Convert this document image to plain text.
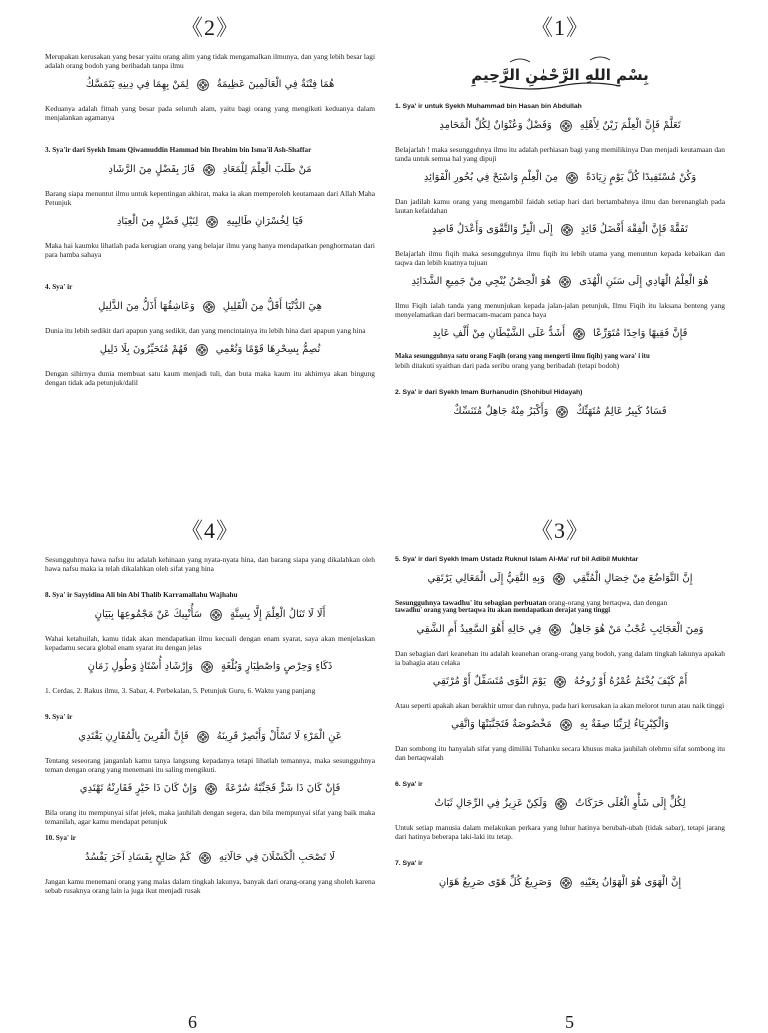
《2》

Merupakan kerusakan yang besar yaitu orang alim yang tidak mengamalkan ilmunya, dan yang lebih besar lagi adalah orang bodoh yang beribadah tanpa ilmu

هُمَا فِتْنَةٌ فِي الْعَالَمِينَ عَظِيمَةٌ
لِمَنْ بِهِمَا فِي دِينِهِ يَتَمَسَّكُ

Keduanya adalah fitnah yang besar pada seluruh alam, yaitu bagi orang yang mengikuti keduanya dalam menjalankan agamanya

3. Sya'ir dari Syekh Imam Qiwamuddin Hammad bin Ibrahim bin Isma'il Ash-Shaffar
مَنْ طَلَبَ الْعِلْمَ لِلْمَعَادِ
فَازَ بِفَضْلٍ مِنَ الرَّشَادِ

Barang siapa menuntut ilmu untuk kepentingan akhirat, maka ia akan memperoleh keutamaan dari Allah Maha Petunjuk

فَيَا لِخُسْرَانِ طَالِبِيهِ
لِنَيْلِ فَضْلٍ مِنَ الْعِبَادِ

Maka hai kaumku lihatlah pada kerugian orang yang belajar ilmu yang hanya mendapatkan penghormatan dari para hamba sahaya

4. Sya' ir
هِيَ الدُّنْيَا أَقَلُّ مِنَ الْقَلِيلِ
وَعَاشِقُهَا أَذَلُّ مِنَ الذَّلِيلِ

Dunia itu lebih sedikit dari apapun yang sedikit, dan yang mencintainya itu lebih hina dari apapun yang hina

تُصِمُّ بِسِحْرِهَا قَوْمًا وَتُعْمِي
فَهُمْ مُتَحَيِّرُونَ بِلَا دَلِيلِ

Dengan sihirnya dunia membuat satu kaum menjadi tuli, dan buta maka kaum itu akhirnya akan bingung dengan tidak ada petunjuk/dalil

《1》
بِسْمِ اللهِ الرَّحْمٰنِ الرَّحِيمِ
1. Sya' ir untuk Syekh Muhammad bin Hasan bin Abdullah
تَعَلَّمْ فَإِنَّ الْعِلْمَ زَيْنٌ لِأَهْلِهِ
وَفَضْلٌ وَعُنْوَانٌ لِكُلِّ الْمَحَامِدِ

Belajarlah ! maka sesungguhnya ilmu itu adalah perhiasan bagi yang memilikinya Dan menjadi keutamaan dan tanda untuk semua hal yang dipuji

وَكُنْ مُسْتَفِيدًا كُلَّ يَوْمٍ زِيَادَةً
مِنَ الْعِلْمِ وَاسْبَحْ فِي بُحُورِ الْفَوَائِدِ

Dan jadilah kamu orang yang mengambil faidah setiap hari dari bertambahnya ilmu dan berenanglah pada lautan kefaidahan

تَفَقَّهْ فَإِنَّ الْفِقْهَ أَفْضَلُ قَائِدٍ
إِلَى الْبِرِّ وَالتَّقْوَى وَأَعْدَلُ قَاصِدٍ

Belajarlah ilmu fiqih maka sesungguhnya ilmu fiqih itu lebih utama yang menuntun kepada kebaikan dan taqwa dan lebih kuatnya tujuan

هُوَ الْعِلْمُ الْهَادِي إِلَى سَنَنِ الْهُدَى
هُوَ الْحِصْنُ يُنْجِي مِنْ جَمِيعِ الشَّدَائِدِ

Ilmu Fiqih ialah tanda yang menunjukan kepada jalan-jalan petunjuk, Ilmu Fiqih itu laksana benteng yang menyelamatkan dari bermacam-macam panca baya

فَإِنَّ فَقِيهًا وَاحِدًا مُتَوَرِّعًا
أَشَدُّ عَلَى الشَّيْطَانِ مِنْ أَلْفِ عَابِدِ
Maka sesungguhnya satu orang Faqih (orang yang mengerti ilmu fiqih) yang wara' i itu

lebih ditakuti syaithan dari pada seribu orang yang beribadah (tetapi bodoh)

2. Sya' ir dari Syekh Imam Burhanudin (Shohibul Hidayah)
فَسَادٌ كَبِيرٌ عَالِمٌ مُتَهَتِّكٌ
وَأَكْبَرُ مِنْهُ جَاهِلٌ مُتَنَسِّكٌ
《4》

Sesungguhnya hawa nafsu itu adalah kehinaan yang nyata-nyata hina, dan barang siapa yang dikalahkan oleh hawa nafsu maka ia telah dikalahkan oleh sifat yang hina

8. Sya' ir Sayyidina Ali bin Abi Thalib Karramallahu Wajhahu
أَلَا لَا تَنَالُ الْعِلْمَ إِلَّا بِسِتَّةٍ
سَأُنْبِيكَ عَنْ مَجْمُوعِهَا بِبَيَانٍ

Wahai ketahuilah, kamu tidak akan mendapatkan ilmu kecuali dengan enam syarat, saya akan menjelaskan kepadamu secara global enam syarat itu dengan jelas

ذَكَاءٍ وَحِرْصٍ وَاصْطِبَارٍ وَبُلْغَةٍ
وَإِرْشَادِ أُسْتَاذٍ وَطُولِ زَمَانٍ

1. Cerdas, 2. Rakus ilmu, 3. Sabar, 4. Perbekalan, 5. Petunjuk Guru, 6. Waktu yang panjang

9. Sya' ir
عَنِ الْمَرْءِ لَا تَسْأَلْ وَأَبْصِرْ قَرِينَهُ
فَإِنَّ الْقَرِينَ بِالْمُقَارِنِ يَقْتَدِي

Tentang seseorang janganlah kamu tanya langsung kepadanya tetapi lihatlah temannya, maka sesungguhnya teman dengan orang yang menemani itu saling mengikuti.

فَإِنْ كَانَ ذَا شَرٍّ فَجَنِّبْهُ سُرْعَةً
وَإِنْ كَانَ ذَا خَيْرٍ فَقَارِنْهُ تَهْتَدِي

Bila orang itu mempunyai sifat jelek, maka jauhilah dengan segera, dan bila mempunyai sifat yang baik maka temanilah, agar kamu mendapat petunjuk

10. Sya' ir
لَا تَصْحَبِ الْكَسْلَانَ فِي حَالَاتِهِ
كَمْ صَالِحٍ بِفَسَادِ آخَرَ يَفْسُدُ

Jangan kamu menemani orang yang malas dalam tingkah lakunya, banyak dari orang-orang yang sholeh karena sebab rusaknya orang lain ia juga ikut menjadi rusak

《3》
5. Sya' ir dari Syekh Imam Ustadz Ruknul Islam Al-Ma' ruf bil Adibil Mukhtar
إِنَّ التَّوَاضُعَ مِنْ خِصَالِ الْمُتَّقِي
وَبِهِ التَّقِيُّ إِلَى الْمَعَالِي يَرْتَقِي

Sesungguhnya tawadhu' itu sebagian perbuatan orang-orang yang bertaqwa, dan dengan

tawadhu' orang yang bertaqwa itu akan mendapatkan derajat yang tinggi
وَمِنَ الْعَجَائِبِ عُجْبُ مَنْ هُوَ جَاهِلٌ
فِي حَالِهِ أَهُوَ السَّعِيدُ أَمِ الشَّقِي

Dan sebagian dari keanehan itu adalah keanehan orang-orang yang bodoh, yang dalam tingkah lakunya apakah ia bahagia atau celaka

أَمْ كَيْفَ يُخْتَمُ عُمْرُهُ أَوْ رُوحُهُ
يَوْمَ النَّوَى مُتَسَفِّلٌ أَوْ مُرْتَقِي

Atau seperti apakah akan berakhir umur dan ruhnya, pada hari kerusakan ia akan melorot turun atau naik tinggi

وَالْكِبْرِيَاءُ لِرَبِّنَا صِفَةٌ بِهِ
مَخْصُوصَةٌ فَتَجَنَّبَنْهَا وَاتَّقِي

Dan sombong itu hanyalah sifat yang dimiliki Tuhanku secara khusus maka jauhilah olehmu sifat sombong itu dan bertaqwalah

6. Sya' ir
لِكُلٍّ إِلَى شَأْوِ الْعُلَى حَرَكَاتٌ
وَلَكِنْ عَزِيزٌ فِي الرِّجَالِ ثَبَاتُ

Untuk setiap manusia dalam melakukan perkara yang luhur hatinya berubah-ubah (tidak sabar), tetapi jarang dari hatinya beberapa laki-laki itu tetap.

7. Sya' ir
إِنَّ الْهَوَى هُوَ الْهَوَانُ بِعَيْنِهِ
وَصَرِيعُ كُلِّ هَوًى صَرِيعُ هَوَانِ
6	5
